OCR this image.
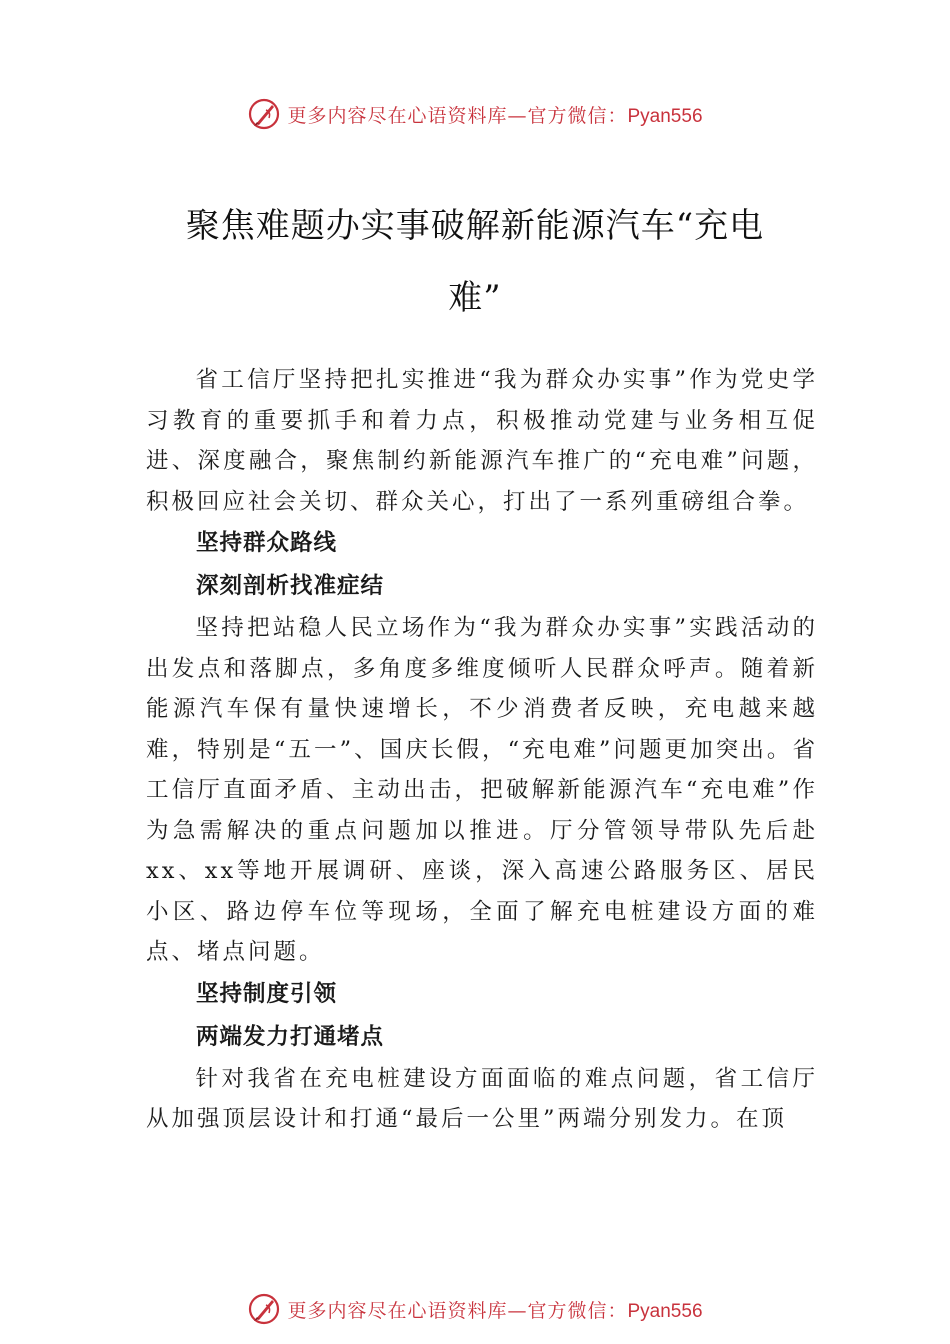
更多内容尽在心语资料库—官方微信：Pyan556
聚焦难题办实事破解新能源汽车“充电
难”

省工信厅坚持把扎实推进“我为群众办实事”作为党史学习教育的重要抓手和着力点，积极推动党建与业务相互促进、深度融合，聚焦制约新能源汽车推广的“充电难”问题，积极回应社会关切、群众关心，打出了一系列重磅组合拳。

坚持群众路线

深刻剖析找准症结

坚持把站稳人民立场作为“我为群众办实事”实践活动的出发点和落脚点，多角度多维度倾听人民群众呼声。随着新能源汽车保有量快速增长，不少消费者反映，充电越来越难，特别是“五一”、国庆长假，“充电难”问题更加突出。省工信厅直面矛盾、主动出击，把破解新能源汽车“充电难”作为急需解决的重点问题加以推进。厅分管领导带队先后赴xx、xx等地开展调研、座谈，深入高速公路服务区、居民小区、路边停车位等现场，全面了解充电桩建设方面的难点、堵点问题。

坚持制度引领

两端发力打通堵点

针对我省在充电桩建设方面面临的难点问题，省工信厅从加强顶层设计和打通“最后一公里”两端分别发力。在顶

更多内容尽在心语资料库—官方微信：Pyan556
